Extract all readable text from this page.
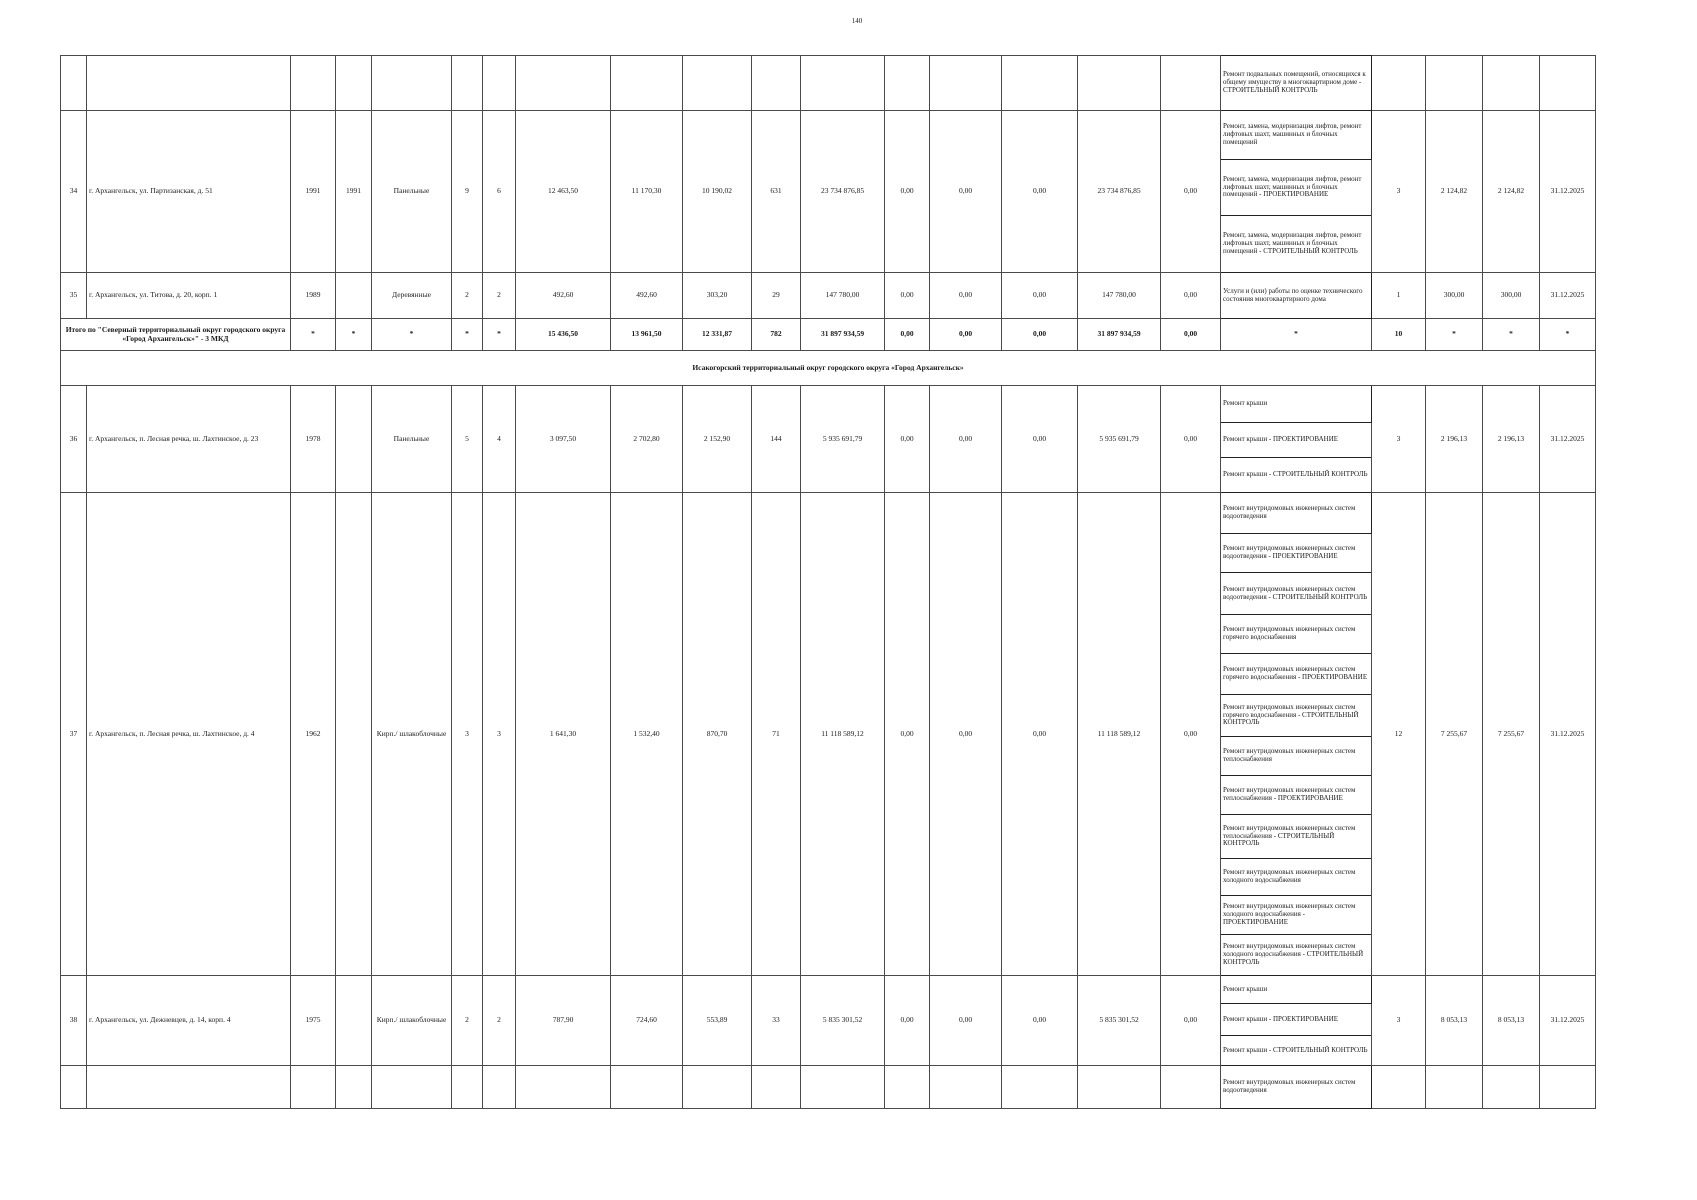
140
																	Ремонт подвальных помещений, относящихся к общему имуществу в многоквартирном доме - СТРОИТЕЛЬНЫЙ КОНТРОЛЬ				
34	г. Архангельск, ул. Партизанская, д. 51	1991	1991	Панельные	9	6	12 463,50	11 170,30	10 190,02	631	23 734 876,85	0,00	0,00	0,00	23 734 876,85	0,00	Ремонт, замена, модернизация лифтов, ремонт лифтовых шахт, машинных и блочных помещений	3	2 124,82	2 124,82	31.12.2025
																	Ремонт, замена, модернизация лифтов, ремонт лифтовых шахт, машинных и блочных помещений - ПРОЕКТИРОВАНИЕ				
																	Ремонт, замена, модернизация лифтов, ремонт лифтовых шахт, машинных и блочных помещений - СТРОИТЕЛЬНЫЙ КОНТРОЛЬ				
35	г. Архангельск, ул. Титова, д. 20, корп. 1	1989		Деревянные	2	2	492,60	492,60	303,20	29	147 780,00	0,00	0,00	0,00	147 780,00	0,00	Услуги и (или) работы по оценке технического состояния многоквартирного дома	1	300,00	300,00	31.12.2025
Итого по "Северный территориальный округ городского округа «Город Архангельск»" - 3 МКД		*	*	*	*	*	15 436,50	13 961,50	12 331,87	782	31 897 934,59	0,00	0,00	0,00	31 897 934,59	0,00	*	10	*	*	*
Исакогорский территориальный округ городского округа «Город Архангельск»																					
36	г. Архангельск, п. Лесная речка, ш. Лахтинское, д. 23	1978		Панельные	5	4	3 097,50	2 702,80	2 152,90	144	5 935 691,79	0,00	0,00	0,00	5 935 691,79	0,00	Ремонт крыши	3	2 196,13	2 196,13	31.12.2025
																	Ремонт крыши - ПРОЕКТИРОВАНИЕ				
																	Ремонт крыши - СТРОИТЕЛЬНЫЙ КОНТРОЛЬ				
37	г. Архангельск, п. Лесная речка, ш. Лахтинское, д. 4	1962		Кирп./ шлакоблочные	3	3	1 641,30	1 532,40	870,70	71	11 118 589,12	0,00	0,00	0,00	11 118 589,12	0,00	Ремонт внутридомовых инженерных систем водоотведения	12	7 255,67	7 255,67	31.12.2025
																	Ремонт внутридомовых инженерных систем водоотведения - ПРОЕКТИРОВАНИЕ				
																	Ремонт внутридомовых инженерных систем водоотведения - СТРОИТЕЛЬНЫЙ КОНТРОЛЬ				
																	Ремонт внутридомовых инженерных систем горячего водоснабжения				
																	Ремонт внутридомовых инженерных систем горячего водоснабжения - ПРОЕКТИРОВАНИЕ				
																	Ремонт внутридомовых инженерных систем горячего водоснабжения - СТРОИТЕЛЬНЫЙ КОНТРОЛЬ				
																	Ремонт внутридомовых инженерных систем теплоснабжения				
																	Ремонт внутридомовых инженерных систем теплоснабжения - ПРОЕКТИРОВАНИЕ				
																	Ремонт внутридомовых инженерных систем теплоснабжения - СТРОИТЕЛЬНЫЙ КОНТРОЛЬ				
																	Ремонт внутридомовых инженерных систем холодного водоснабжения				
																	Ремонт внутридомовых инженерных систем холодного водоснабжения - ПРОЕКТИРОВАНИЕ				
																	Ремонт внутридомовых инженерных систем холодного водоснабжения - СТРОИТЕЛЬНЫЙ КОНТРОЛЬ				
38	г. Архангельск, ул. Дежневцев, д. 14, корп. 4	1975		Кирп./ шлакоблочные	2	2	787,90	724,60	553,89	33	5 835 301,52	0,00	0,00	0,00	5 835 301,52	0,00	Ремонт крыши	3	8 053,13	8 053,13	31.12.2025
																	Ремонт крыши - ПРОЕКТИРОВАНИЕ				
																	Ремонт крыши - СТРОИТЕЛЬНЫЙ КОНТРОЛЬ				
																	Ремонт внутридомовых инженерных систем водоотведения				
